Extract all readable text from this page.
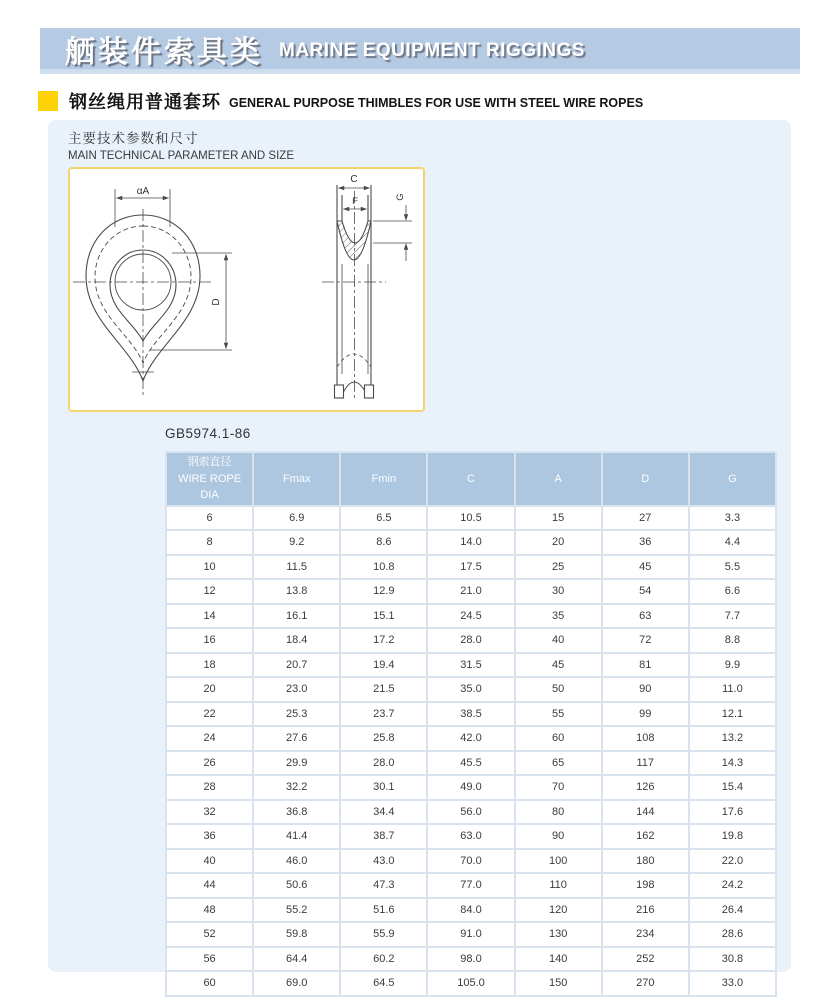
舾装件索具类 MARINE EQUIPMENT RIGGINGS
钢丝绳用普通套环 GENERAL PURPOSE THIMBLES FOR USE WITH STEEL WIRE ROPES
主要技术参数和尺寸
MAIN TECHNICAL PARAMETER AND SIZE
αA
D
C
F	G
GB5974.1-86
钢索直径
WIRE ROPE DIA	Fmax	Fmin	C	A	D	G
6	6.9	6.5	10.5	15	27	3.3
8	9.2	8.6	14.0	20	36	4.4
10	11.5	10.8	17.5	25	45	5.5
12	13.8	12.9	21.0	30	54	6.6
14	16.1	15.1	24.5	35	63	7.7
16	18.4	17.2	28.0	40	72	8.8
18	20.7	19.4	31.5	45	81	9.9
20	23.0	21.5	35.0	50	90	11.0
22	25.3	23.7	38.5	55	99	12.1
24	27.6	25.8	42.0	60	108	13.2
26	29.9	28.0	45.5	65	117	14.3
28	32.2	30.1	49.0	70	126	15.4
32	36.8	34.4	56.0	80	144	17.6
36	41.4	38.7	63.0	90	162	19.8
40	46.0	43.0	70.0	100	180	22.0
44	50.6	47.3	77.0	110	198	24.2
48	55.2	51.6	84.0	120	216	26.4
52	59.8	55.9	91.0	130	234	28.6
56	64.4	60.2	98.0	140	252	30.8
60	69.0	64.5	105.0	150	270	33.0
